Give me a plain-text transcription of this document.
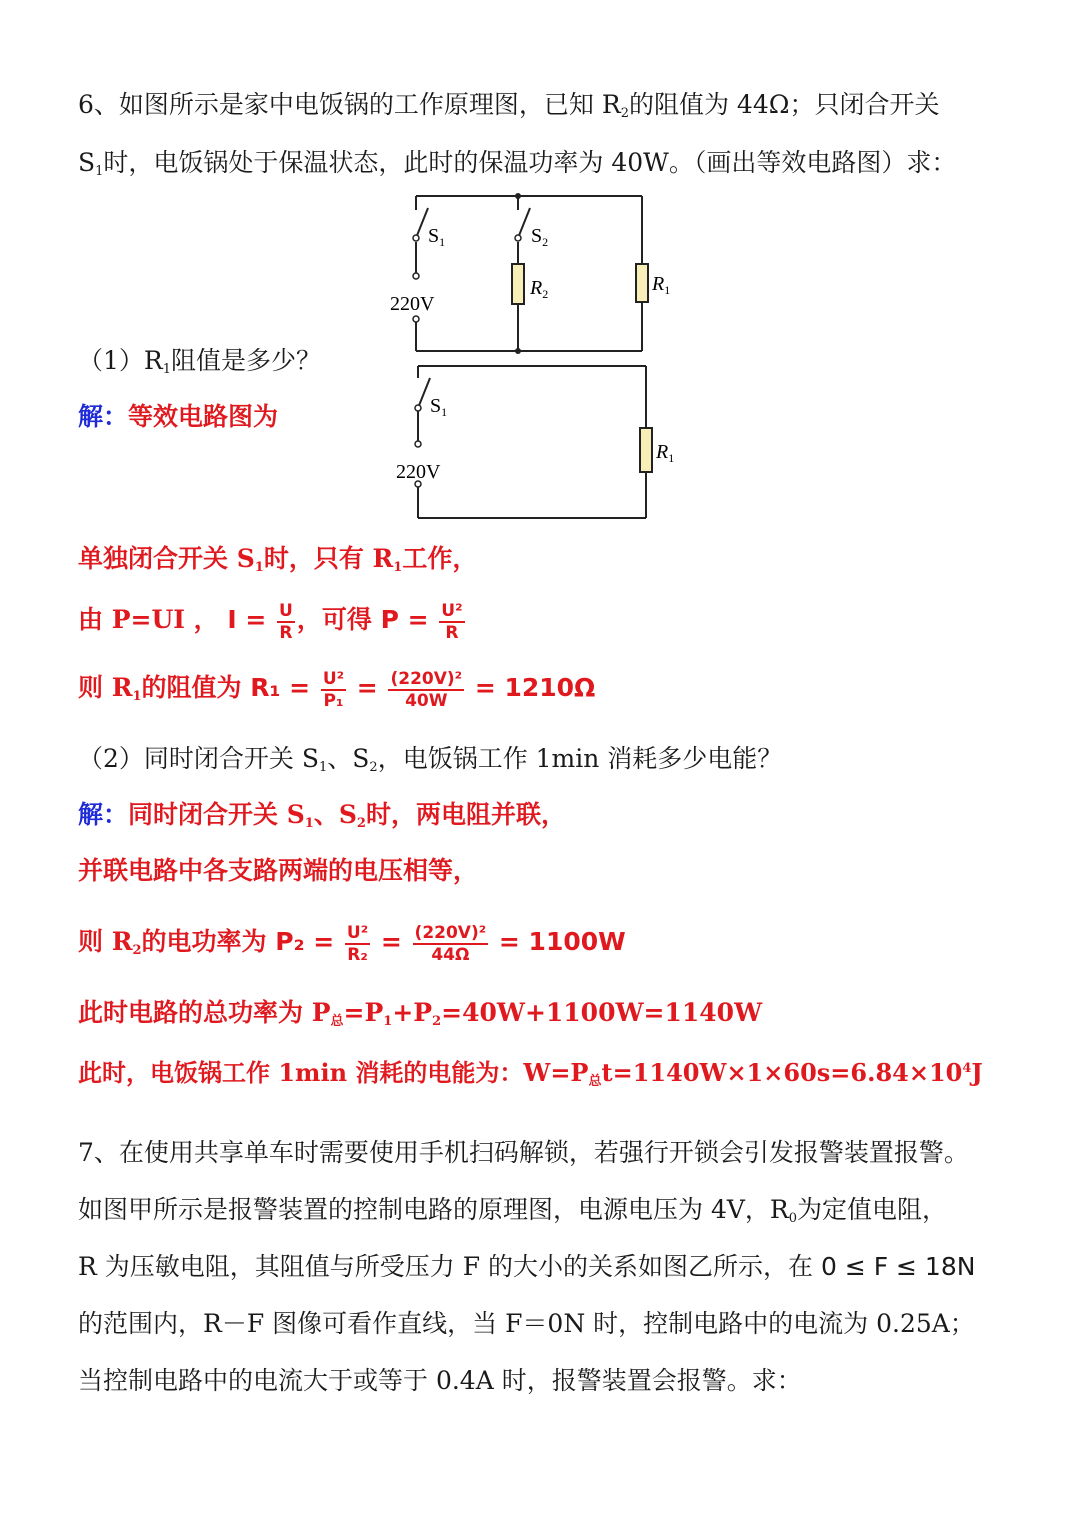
6、如图所示是家中电饭锅的工作原理图，已知 $R_2$的阻值为 44Ω；只闭合开关
$S_1$时，电饭锅处于保温状态，此时的保温功率为 40W。（画出等效电路图）求：
$S_1$	$S_2$
$R_2$	$R_1$
220V
$(1)R_1$阻值是多少？
解：等效电路图为	$S_1$
$R_1$
220V
单独闭合开关 $S_1$时，只有 $R_1$工作，
由 P=UI ， $I = \frac{U}{R}$ ，可得 $P = \frac{\text{U²}}{R}$
则 $R_1$的阻值为 $R_1 = \frac{\text{U²}}{\text{P₁}} = \frac{\text{(220V)²}}{40W} = 1210\Omega$
（2）同时闭合开关 $S_1$、$S_2$，电饭锅工作 1min 消耗多少电能？
解：同时闭合开关 $S_1$、$S_2$时，两电阻并联，
并联电路中各支路两端的电压相等，
则 $R_2$的电功率为 $P_2 = \frac{\text{U²}}{\text{R₂}} = \frac{\text{(220V)²}}{44\Omega} = 1100W$
此时电路的总功率为 $P_总=P_1+P_2=40W+1100W=1140W$
此时，电饭锅工作 1min 消耗的电能为：$W=P_总t=1140W\times 1\times 60s=6.84\times 10^4J$
7、在使用共享单车时需要使用手机扫码解锁，若强行开锁会引发报警装置报警。
如图甲所示是报警装置的控制电路的原理图，电源电压为 4V，$R_0$为定值电阻，
R 为压敏电阻，其阻值与所受压力 F 的大小的关系如图乙所示，在 0 ≤ F ≤ 18N
的范围内，R－F 图像可看作直线，当 F＝0N 时，控制电路中的电流为 0.25A；
当控制电路中的电流大于或等于 0.4A 时，报警装置会报警。求：
